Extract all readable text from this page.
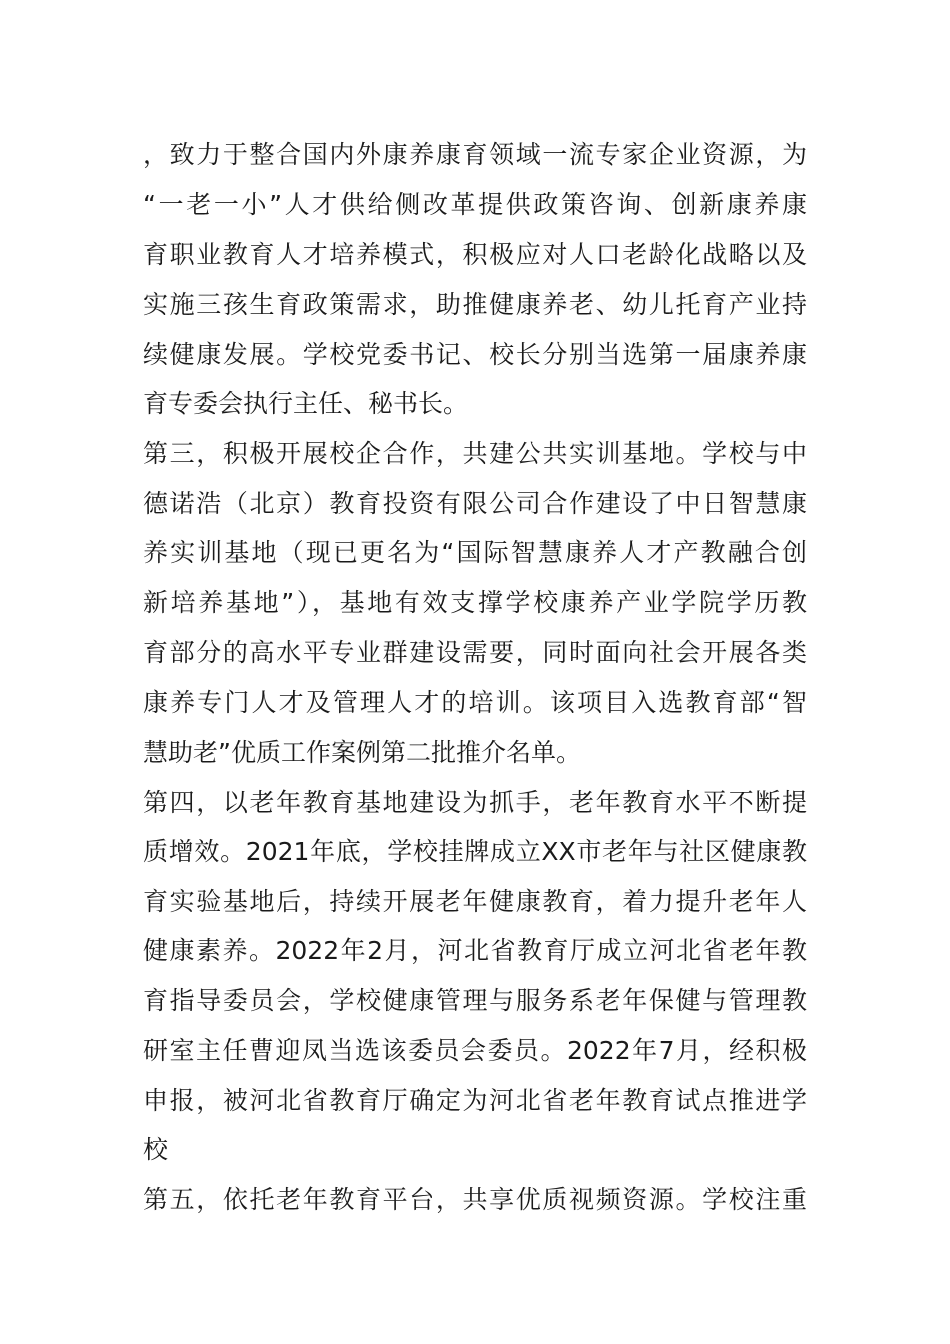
，致力于整合国内外康养康育领域一流专家企业资源，为
“一老一小”人才供给侧改革提供政策咨询、创新康养康
育职业教育人才培养模式，积极应对人口老龄化战略以及
实施三孩生育政策需求，助推健康养老、幼儿托育产业持
续健康发展。学校党委书记、校长分别当选第一届康养康
育专委会执行主任、秘书长。
第三，积极开展校企合作，共建公共实训基地。学校与中
德诺浩（北京）教育投资有限公司合作建设了中日智慧康
养实训基地（现已更名为“国际智慧康养人才产教融合创
新培养基地”），基地有效支撑学校康养产业学院学历教
育部分的高水平专业群建设需要，同时面向社会开展各类
康养专门人才及管理人才的培训。该项目入选教育部“智
慧助老”优质工作案例第二批推介名单。
第四，以老年教育基地建设为抓手，老年教育水平不断提
质增效。2021年底，学校挂牌成立XX市老年与社区健康教
育实验基地后，持续开展老年健康教育，着力提升老年人
健康素养。2022年2月，河北省教育厅成立河北省老年教
育指导委员会，学校健康管理与服务系老年保健与管理教
研室主任曹迎凤当选该委员会委员。2022年7月，经积极
申报，被河北省教育厅确定为河北省老年教育试点推进学
校
第五，依托老年教育平台，共享优质视频资源。学校注重
